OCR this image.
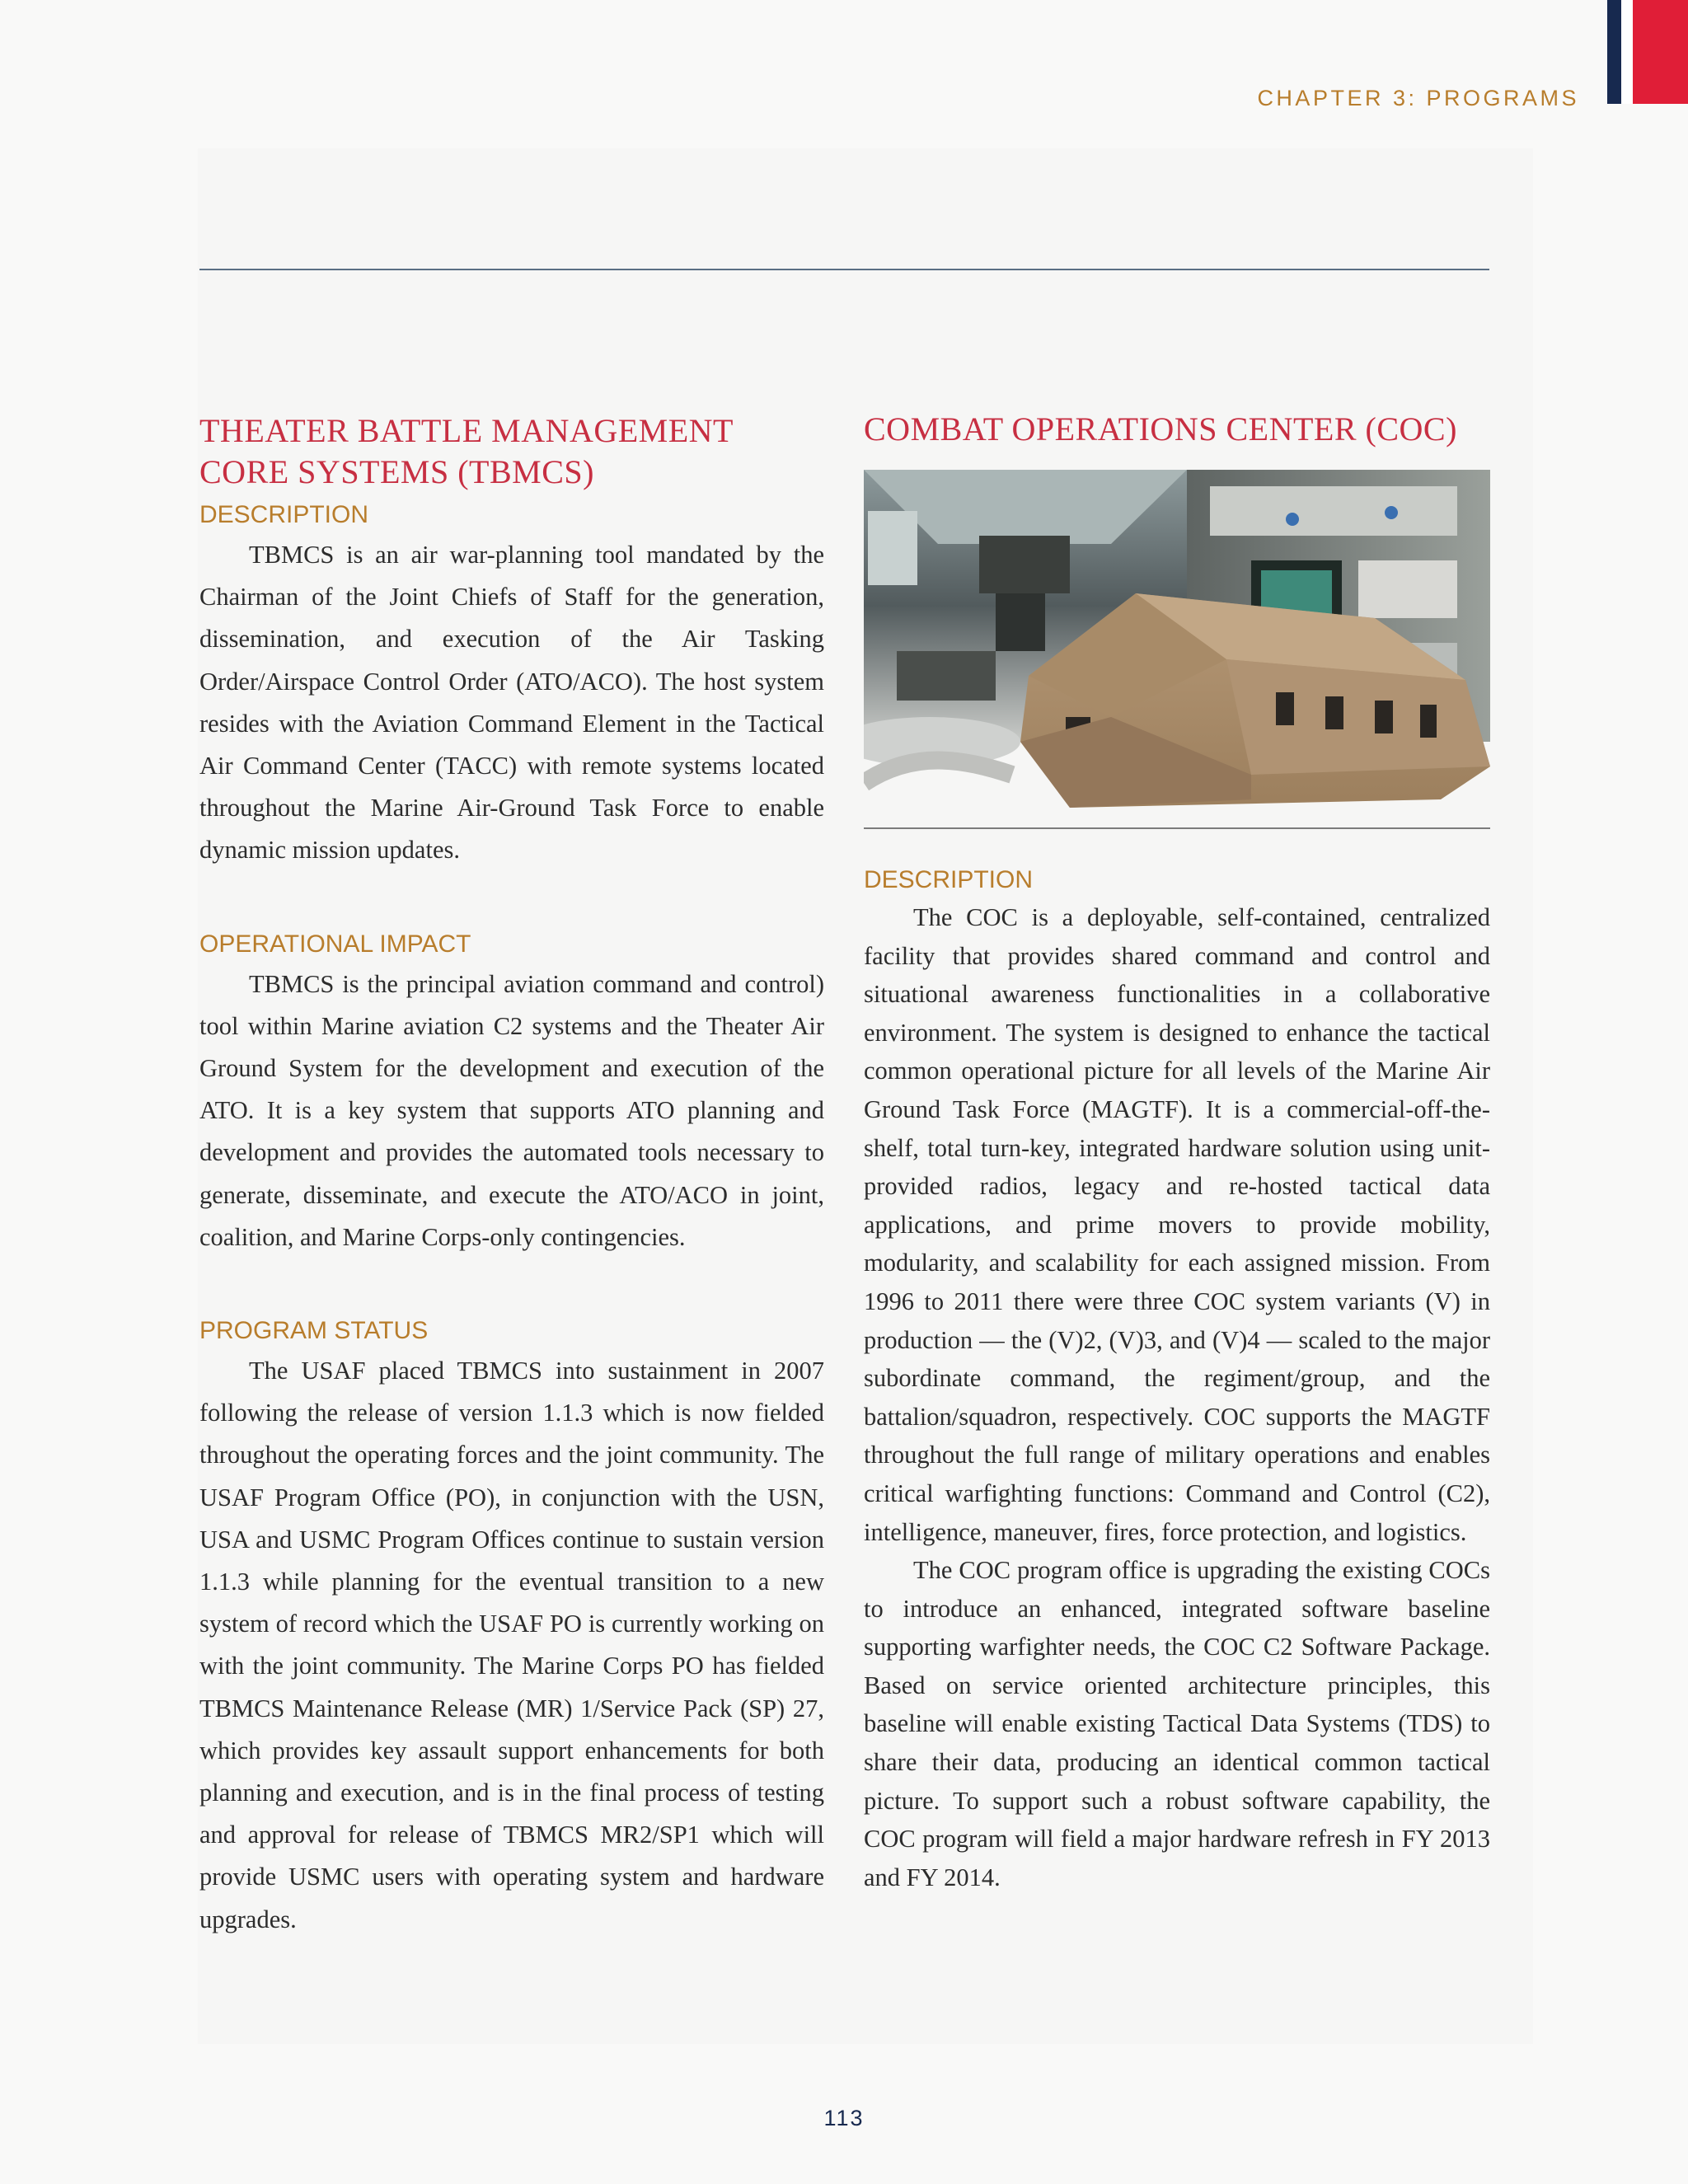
CHAPTER 3: PROGRAMS
THEATER BATTLE MANAGEMENT CORE SYSTEMS (TBMCS)
DESCRIPTION

TBMCS is an air war-planning tool mandated by the Chairman of the Joint Chiefs of Staff for the generation, dissemination, and execution of the Air Tasking Order/Airspace Control Order (ATO/ACO). The host system resides with the Aviation Command Element in the Tactical Air Command Center (TACC) with remote systems located throughout the Marine Air-Ground Task Force to enable dynamic mission updates.

OPERATIONAL IMPACT

TBMCS is the principal aviation command and control) tool within Marine aviation C2 systems and the Theater Air Ground System for the development and execution of the ATO. It is a key system that supports ATO planning and development and provides the automated tools necessary to generate, disseminate, and execute the ATO/ACO in joint, coalition, and Marine Corps-only contingencies.

PROGRAM STATUS

The USAF placed TBMCS into sustainment in 2007 following the release of version 1.1.3 which is now fielded throughout the operating forces and the joint community. The USAF Program Office (PO), in conjunction with the USN, USA and USMC Program Offices continue to sustain version 1.1.3 while planning for the eventual transition to a new system of record which the USAF PO is currently working on with the joint community. The Marine Corps PO has fielded TBMCS Maintenance Release (MR) 1/Service Pack (SP) 27, which provides key assault support enhancements for both planning and execution, and is in the final process of testing and approval for release of TBMCS MR2/SP1 which will provide USMC users with operating system and hardware upgrades.

COMBAT OPERATIONS CENTER (COC)
DESCRIPTION

The COC is a deployable, self-contained, centralized facility that provides shared command and control and situational awareness functionalities in a collaborative environment. The system is designed to enhance the tactical common operational picture for all levels of the Marine Air Ground Task Force (MAGTF). It is a commercial-off-the-shelf, total turn-key, integrated hardware solution using unit-provided radios, legacy and re-hosted tactical data applications, and prime movers to provide mobility, modularity, and scalability for each assigned mission. From 1996 to 2011 there were three COC system variants (V) in production — the (V)2, (V)3, and (V)4 — scaled to the major subordinate command, the regiment/group, and the battalion/squadron, respectively. COC supports the MAGTF throughout the full range of military operations and enables critical warfighting functions: Command and Control (C2), intelligence, maneuver, fires, force protection, and logistics.

The COC program office is upgrading the existing COCs to introduce an enhanced, integrated software baseline supporting warfighter needs, the COC C2 Software Package. Based on service oriented architecture principles, this baseline will enable existing Tactical Data Systems (TDS) to share their data, producing an identical common tactical picture. To support such a robust software capability, the COC program will field a major hardware refresh in FY 2013 and FY 2014.

113
